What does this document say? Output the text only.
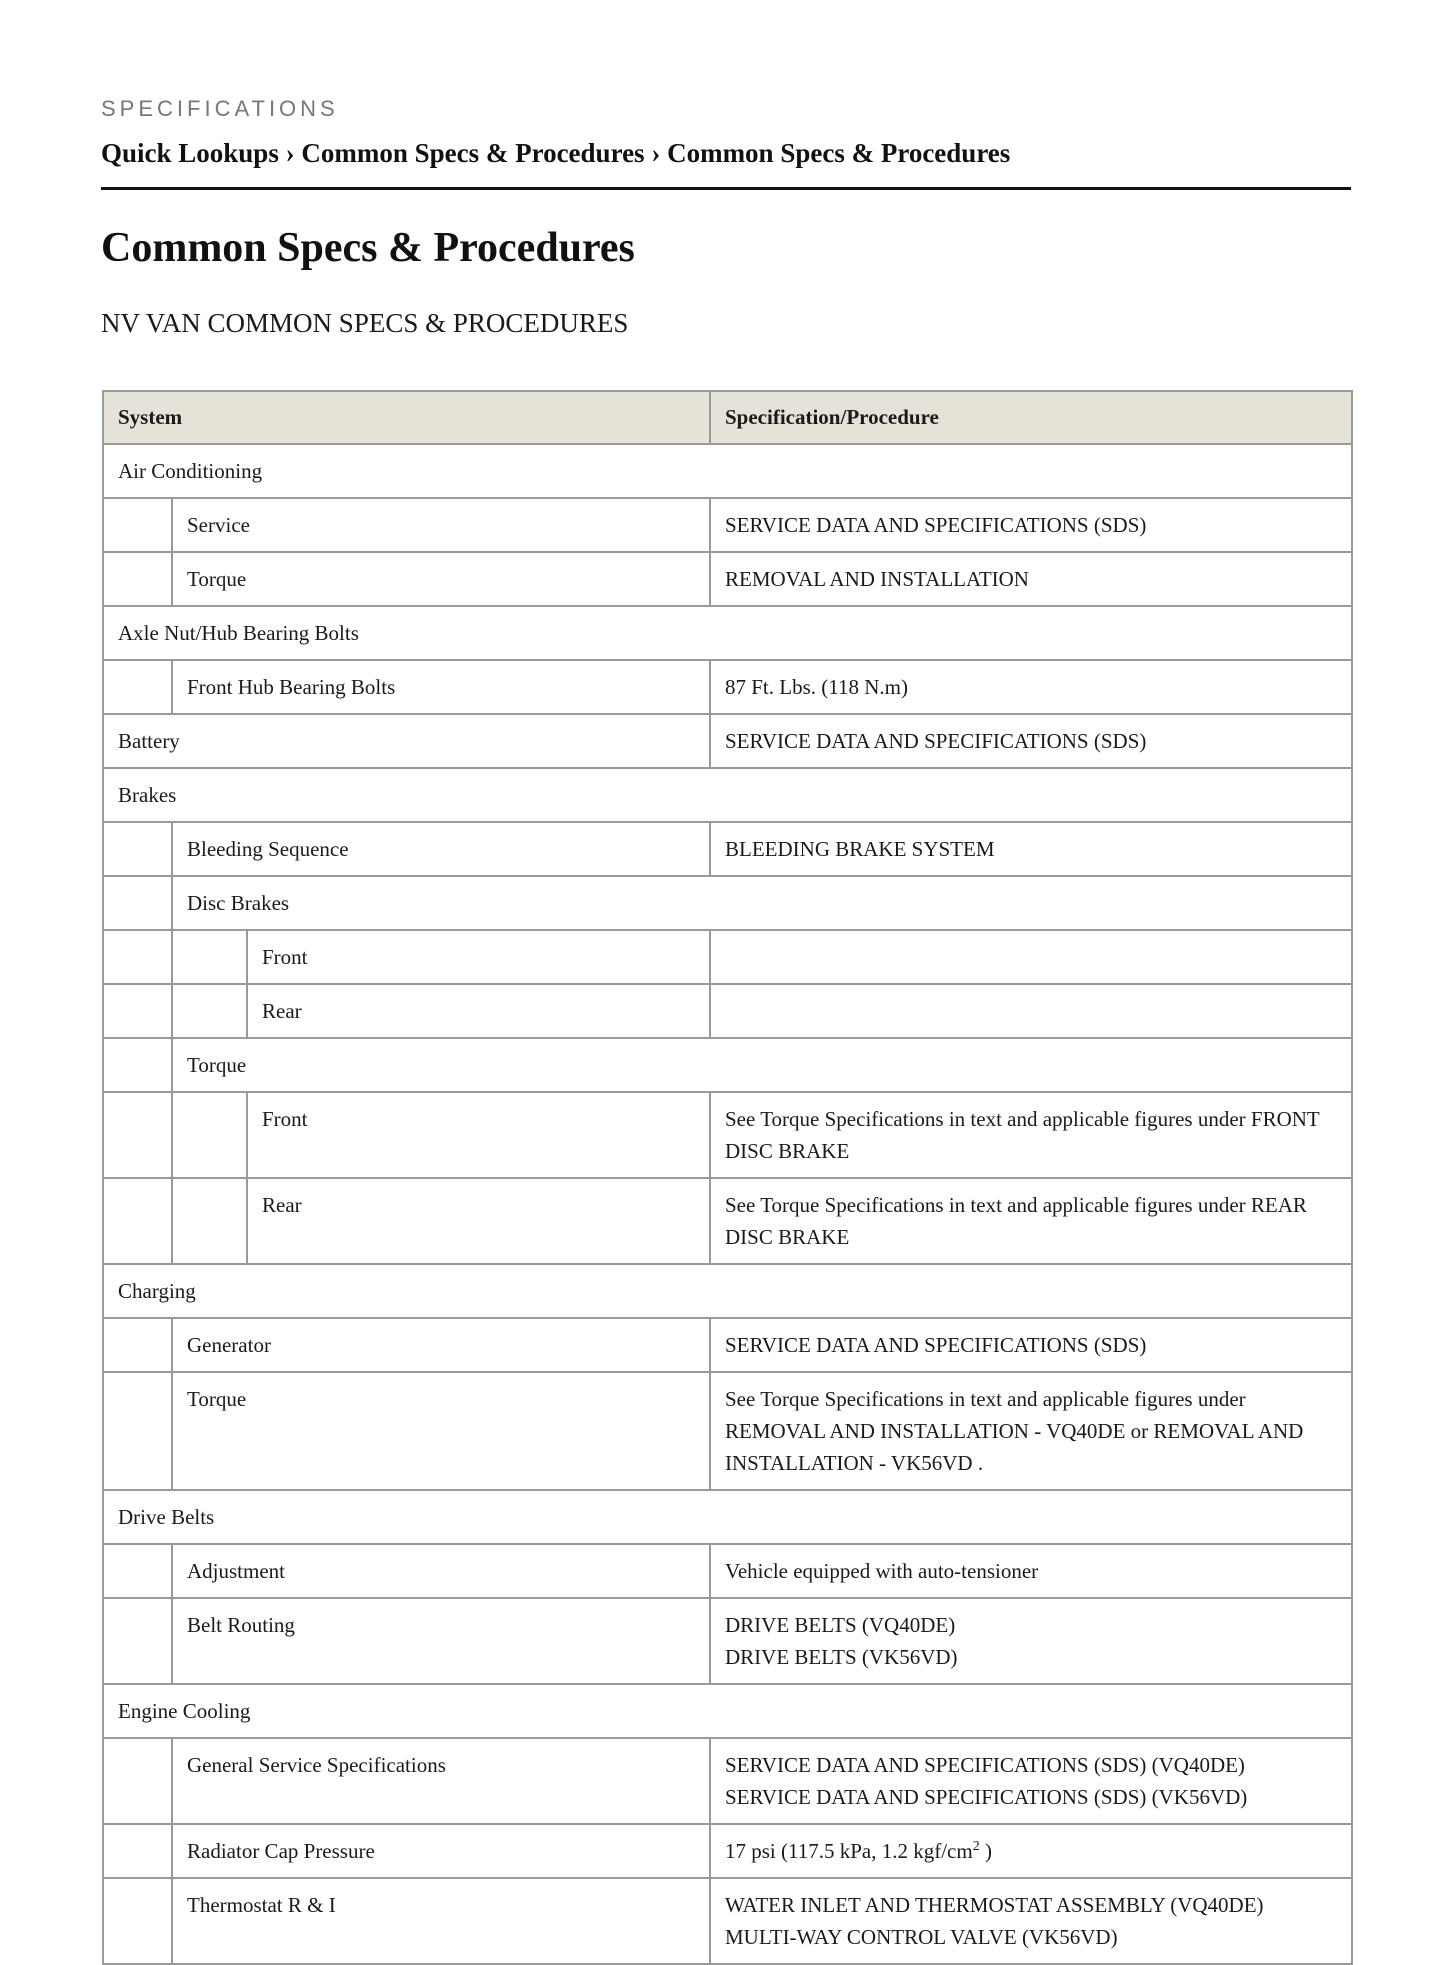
SPECIFICATIONS
Quick Lookups › Common Specs & Procedures › Common Specs & Procedures
Common Specs & Procedures
NV VAN COMMON SPECS & PROCEDURES
System			Specification/Procedure
Air Conditioning			
	Service		SERVICE DATA AND SPECIFICATIONS (SDS)

	Torque		REMOVAL AND INSTALLATION

Axle Nut/Hub Bearing Bolts			
	Front Hub Bearing Bolts		87 Ft. Lbs. (118 N.m)

Battery			SERVICE DATA AND SPECIFICATIONS (SDS)

Brakes			
	Bleeding Sequence		BLEEDING BRAKE SYSTEM

	Disc Brakes		
		Front	

		Rear	

	Torque		
		Front	See Torque Specifications in text and applicable figures under FRONT DISC BRAKE

		Rear	See Torque Specifications in text and applicable figures under REAR DISC BRAKE

Charging			
	Generator		SERVICE DATA AND SPECIFICATIONS (SDS)

	Torque		See Torque Specifications in text and applicable figures under REMOVAL AND INSTALLATION - VQ40DE or REMOVAL AND INSTALLATION - VK56VD .

Drive Belts			
	Adjustment		Vehicle equipped with auto-tensioner

	Belt Routing		DRIVE BELTS (VQ40DE)
DRIVE BELTS (VK56VD)

Engine Cooling			
	General Service Specifications		SERVICE DATA AND SPECIFICATIONS (SDS) (VQ40DE)
SERVICE DATA AND SPECIFICATIONS (SDS) (VK56VD)

	Radiator Cap Pressure		17 psi (117.5 kPa, 1.2 kgf/$cm^2$ )

	Thermostat R & I		WATER INLET AND THERMOSTAT ASSEMBLY (VQ40DE)
MULTI-WAY CONTROL VALVE (VK56VD)
